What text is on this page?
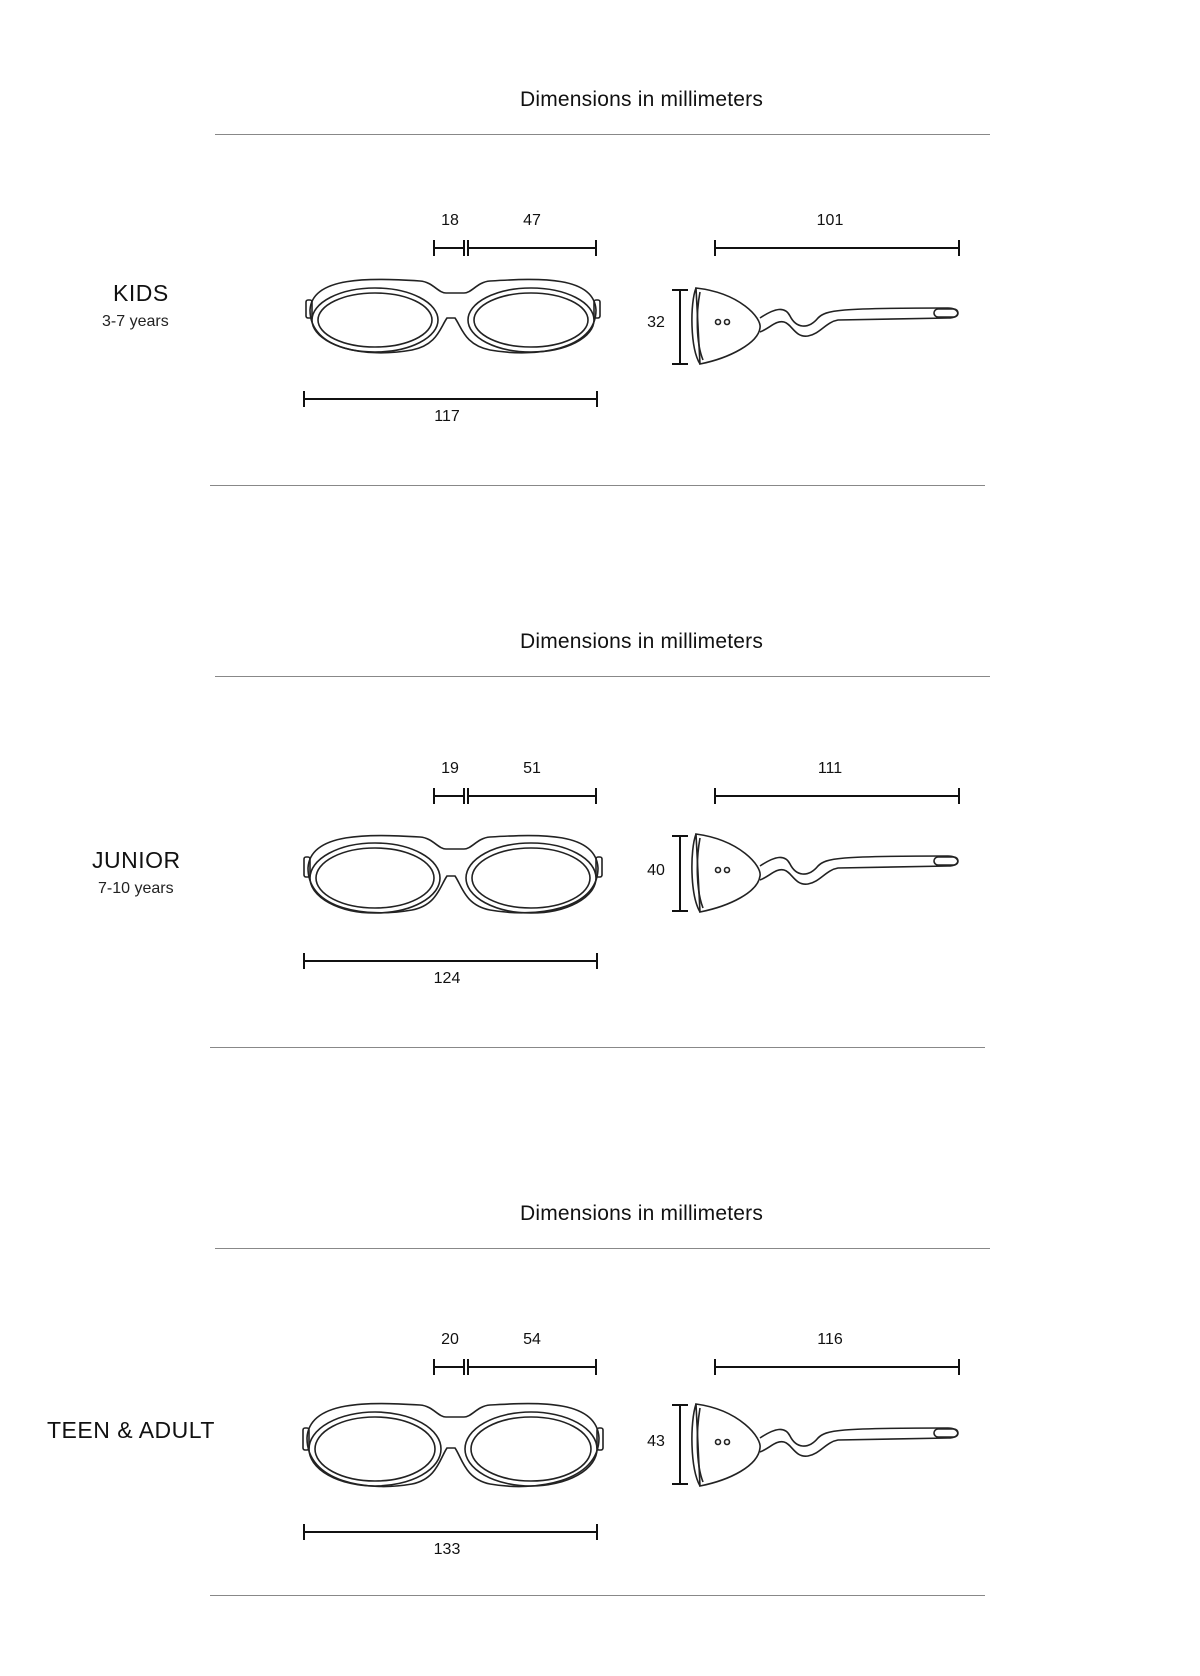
Dimensions in millimeters
KIDS
3-7 years
18	47
117
101
32
Dimensions in millimeters
JUNIOR
7-10 years
19	51
124
111
40
Dimensions in millimeters
TEEN & ADULT
20	54
133
116
43
